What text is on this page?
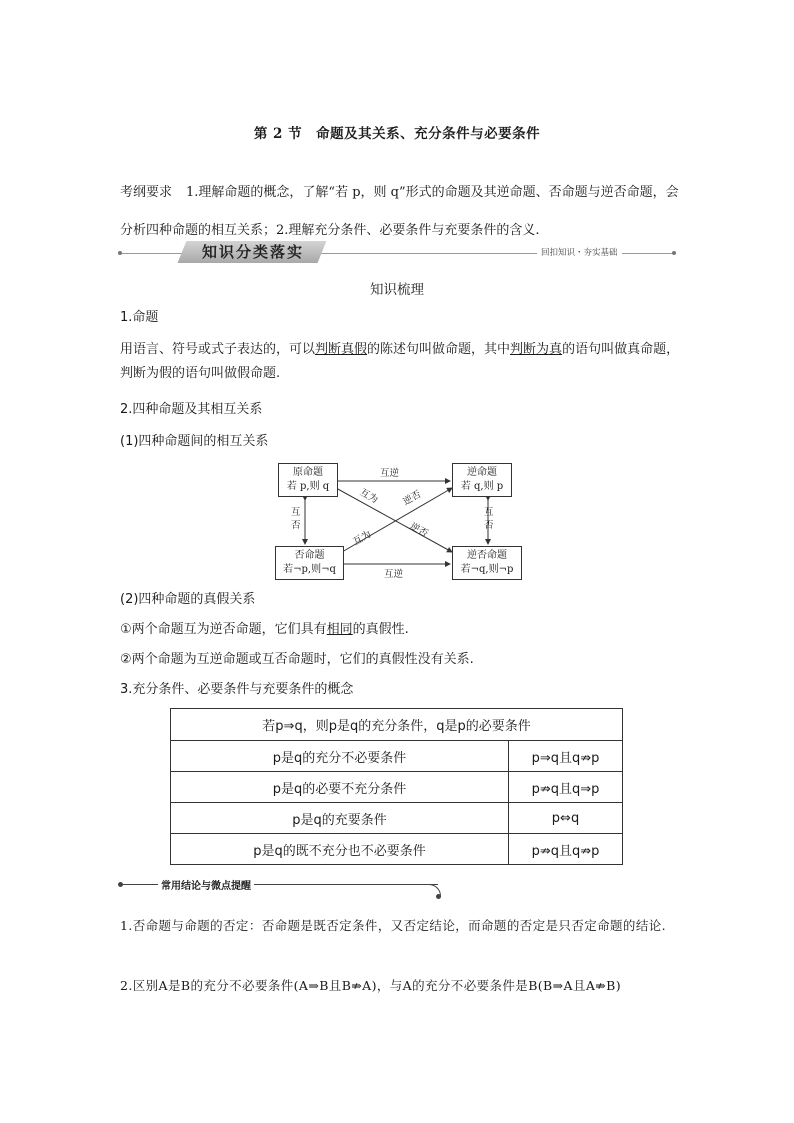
第 2 节　命题及其关系、充分条件与必要条件
考纲要求 1.理解命题的概念，了解“若 p，则 q”形式的命题及其逆命题、否命题与逆否命题，会分析四种命题的相互关系；2.理解充分条件、必要条件与充要条件的含义.
知识分类落实	回扣知识・夯实基础
知识梳理
1.命题
用语言、符号或式子表达的，可以判断真假的陈述句叫做命题，其中判断为真的语句叫做真命题，判断为假的语句叫做假命题.
2.四种命题及其相互关系
(1)四种命题间的相互关系
原命题
若 p,则 q
逆命题
若 q,则 p
否命题
若¬p,则¬q
逆否命题
若¬q,则¬p
互逆
互逆
互否
互否
互为
逆否
互为
逆否
(2)四种命题的真假关系
①两个命题互为逆否命题，它们具有相同的真假性.
②两个命题为互逆命题或互否命题时，它们的真假性没有关系.
3.充分条件、必要条件与充要条件的概念
若p⇒q，则p是q的充分条件，q是p的必要条件	
p是q的充分不必要条件	p⇒q且q⇏p
p是q的必要不充分条件	p⇏q且q⇒p
p是q的充要条件	p⇔q
p是q的既不充分也不必要条件	p⇏q且q⇏p
常用结论与微点提醒
1.否命题与命题的否定：否命题是既否定条件，又否定结论，而命题的否定是只否定命题的结论.
2.区别A是B的充分不必要条件(A⇒B且B⇏A)，与A的充分不必要条件是B(B⇒A且A⇏B)
